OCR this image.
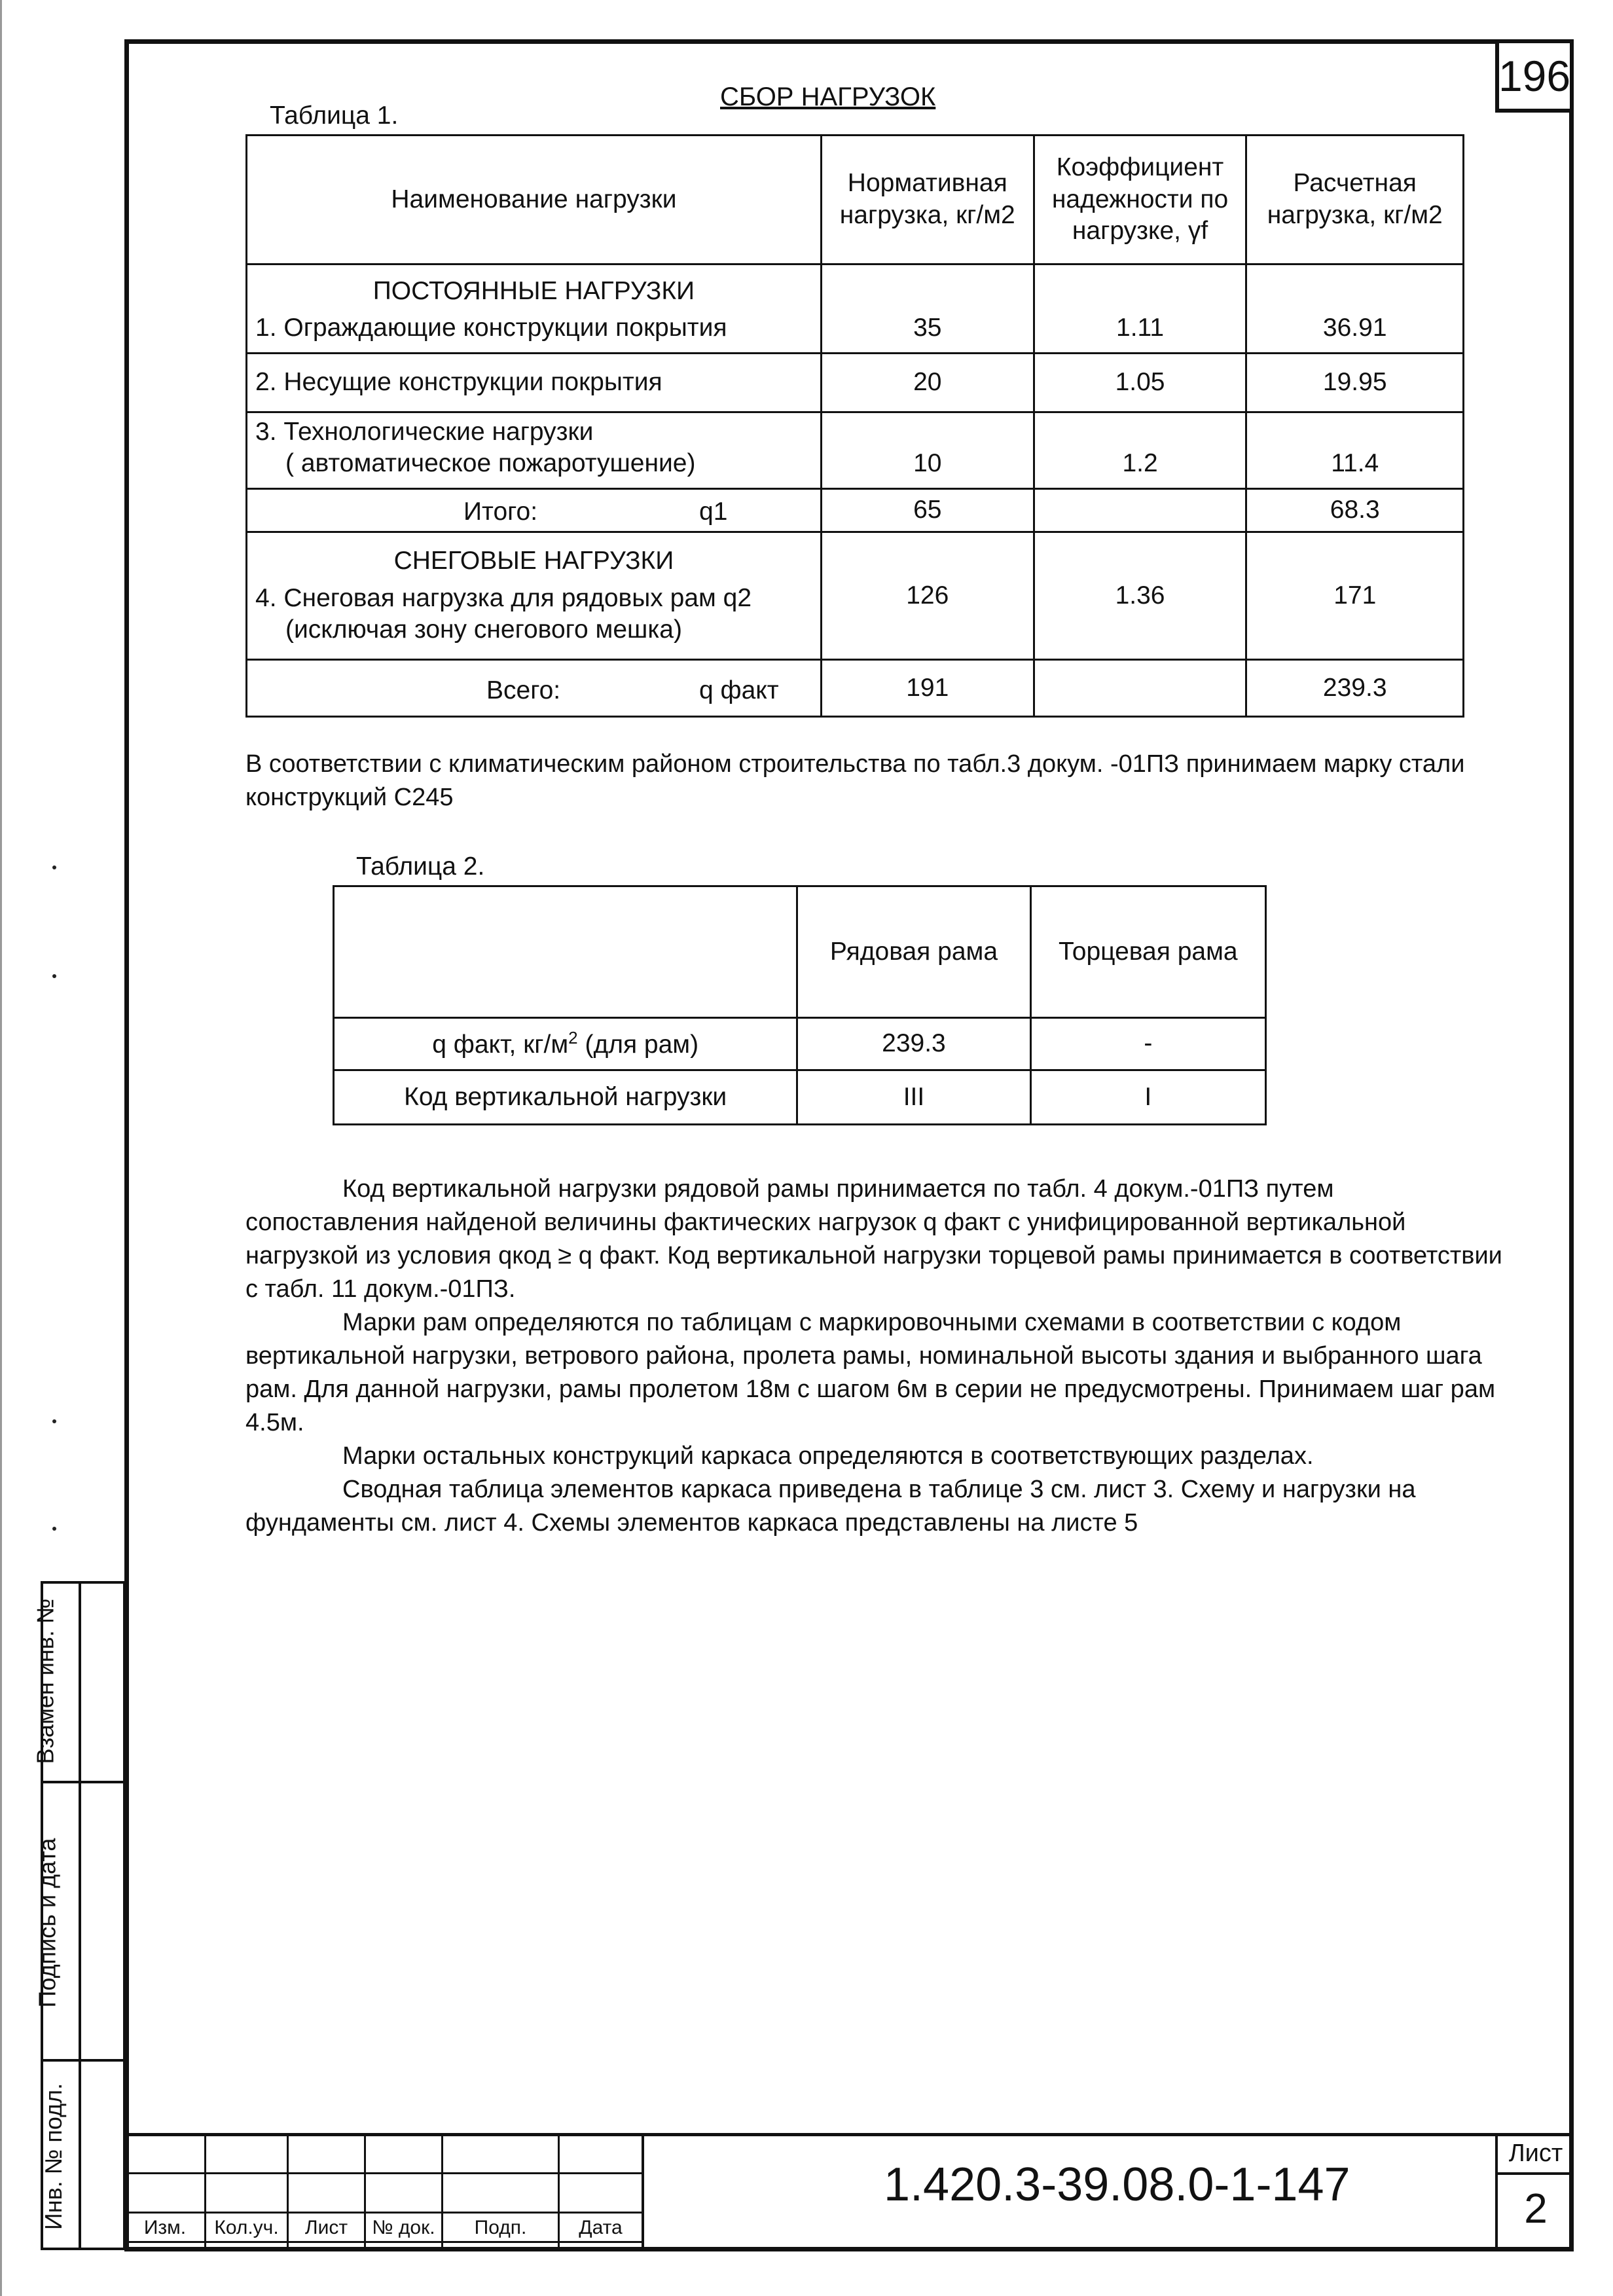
196
Таблица 1.
СБОР НАГРУЗОК
Наименование нагрузки	Нормативная нагрузка, кг/м2	Коэффициент надежности по нагрузке, γf	Расчетная нагрузка, кг/м2

ПОСТОЯННЫЕ НАГРУЗКИ
1. Ограждающие конструкции покрытия	35	1.11	36.91
2. Несущие конструкции покрытия	20	1.05	19.95

3. Технологические нагрузки
( автоматическое пожаротушение)	10	1.2	11.4

Итого: q1	65		68.3

СНЕГОВЫЕ НАГРУЗКИ
4. Снеговая нагрузка для рядовых рам q2
(исключая зону снегового мешка)	126	1.36	171

Всего: q факт	191		239.3
В соответствии с климатическим районом строительства по табл.3 докум. -01ПЗ принимаем марку стали конструкций С245
Таблица 2.
	Рядовая рама	Торцевая рама
q факт, $кг/м^2$ (для рам)	239.3	-
Код вертикальной нагрузки	III	I

Код вертикальной нагрузки рядовой рамы принимается по табл. 4 докум.-01ПЗ путем сопоставления найденой величины фактических нагрузок q факт с унифицированной вертикальной нагрузкой из условия qкод ≥ q факт. Код вертикальной нагрузки торцевой рамы принимается в соответствии с табл. 11 докум.-01ПЗ.

Марки рам определяются по таблицам с маркировочными схемами в соответствии с кодом вертикальной нагрузки, ветрового района, пролета рамы, номинальной высоты здания и выбранного шага рам. Для данной нагрузки, рамы пролетом 18м с шагом 6м в серии не предусмотрены. Принимаем шаг рам 4.5м.

Марки остальных конструкций каркаса определяются в соответствующих разделах.

Сводная таблица элементов каркаса приведена в таблице 3 см. лист 3. Схему и нагрузки на фундаменты см. лист 4. Схемы элементов каркаса представлены на листе 5

Взамен инв. №
Подпись и дата
Инв. № подл.	Изм.	Кол.уч.	Лист	№ док.	Подп.	Дата
1.420.3-39.08.0-1-147
Лист
2
